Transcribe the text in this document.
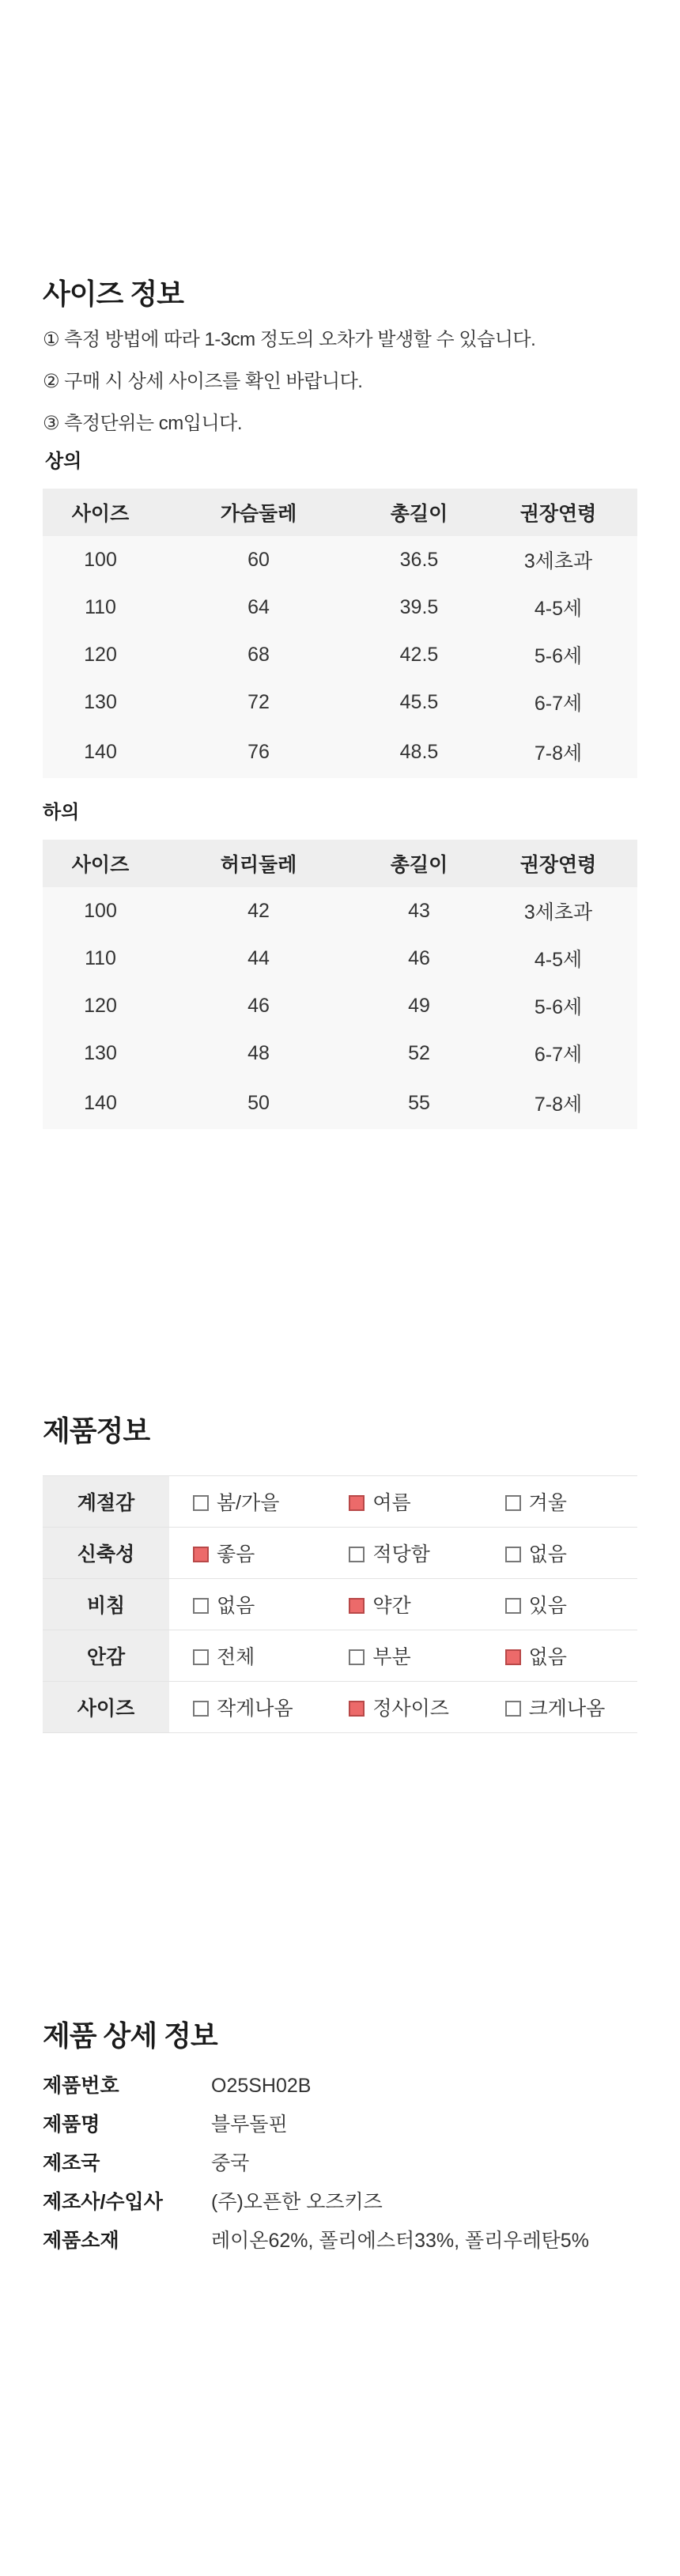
사이즈 정보
① 측정 방법에 따라 1-3cm 정도의 오차가 발생할 수 있습니다.
② 구매 시 상세 사이즈를 확인 바랍니다.
③ 측정단위는 cm입니다.
상의
사이즈	가슴둘레	총길이	권장연령
100	60	36.5	3세초과
110	64	39.5	4-5세
120	68	42.5	5-6세
130	72	45.5	6-7세
140	76	48.5	7-8세
하의
사이즈	허리둘레	총길이	권장연령
100	42	43	3세초과
110	44	46	4-5세
120	46	49	5-6세
130	48	52	6-7세
140	50	55	7-8세
제품정보
계절감	봄/가을	여름	겨울
신축성	좋음	적당함	없음
비침	없음	약간	있음
안감	전체	부분	없음
사이즈	작게나옴	정사이즈	크게나옴
제품 상세 정보
제품번호	O25SH02B
제품명	블루돌핀
제조국	중국
제조사/수입사	(주)오픈한 오즈키즈
제품소재	레이온62%, 폴리에스터33%, 폴리우레탄5%
